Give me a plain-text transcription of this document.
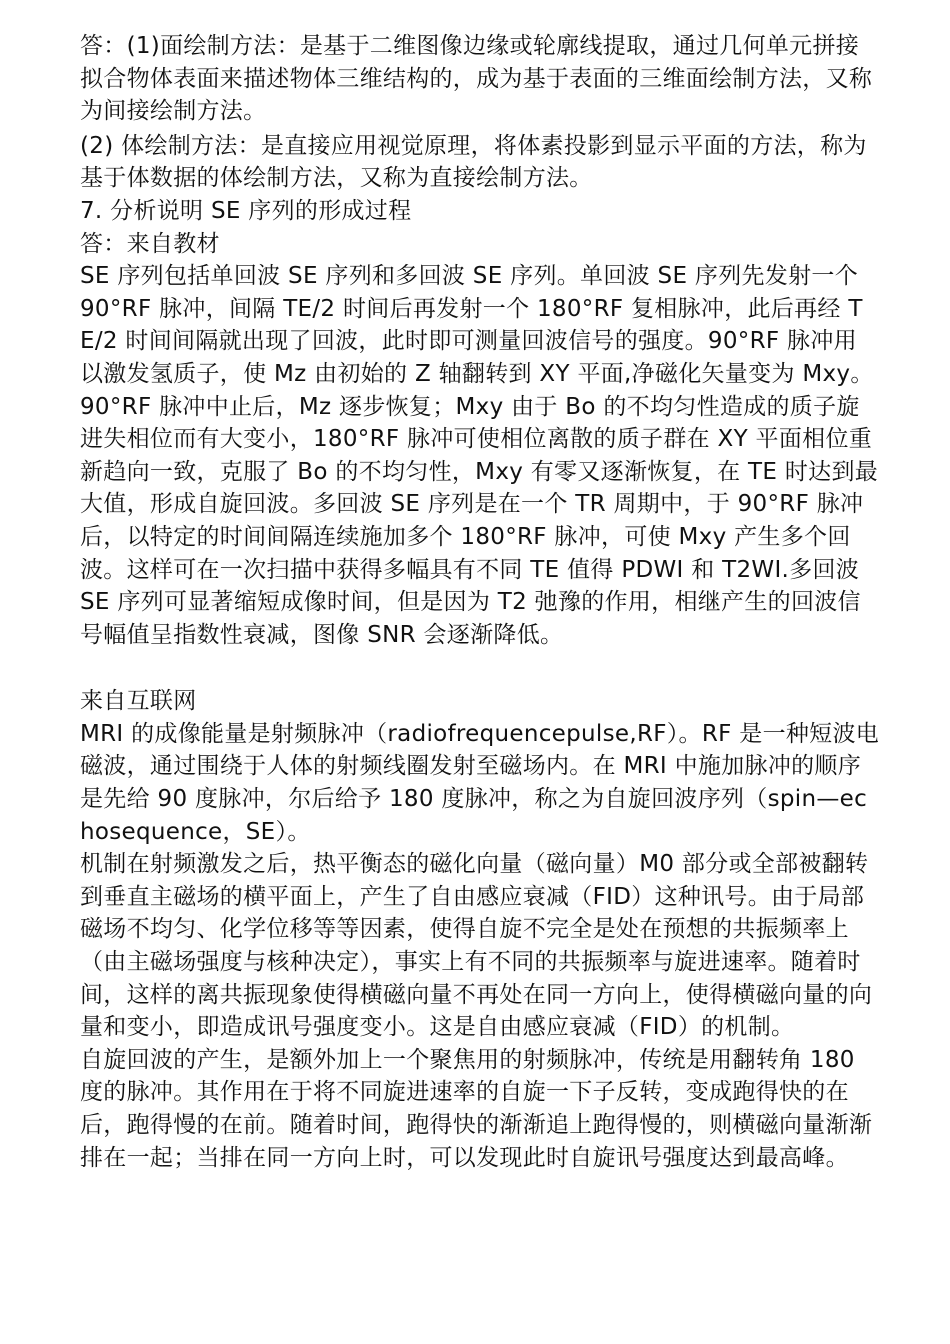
答：(1)面绘制方法：是基于二维图像边缘或轮廓线提取，通过几何单元拼接拟合物体表面来描述物体三维结构的，成为基于表面的三维面绘制方法，又称为间接绘制方法。

(2) 体绘制方法：是直接应用视觉原理，将体素投影到显示平面的方法，称为基于体数据的体绘制方法，又称为直接绘制方法。

7. 分析说明 SE 序列的形成过程

答：来自教材

SE 序列包括单回波 SE 序列和多回波 SE 序列。单回波 SE 序列先发射一个 90°RF 脉冲，间隔 TE/2 时间后再发射一个 180°RF 复相脉冲，此后再经 TE/2 时间间隔就出现了回波，此时即可测量回波信号的强度。90°RF 脉冲用以激发氢质子，使 Mz 由初始的 Z 轴翻转到 XY 平面,净磁化矢量变为 Mxy。90°RF 脉冲中止后，Mz 逐步恢复；Mxy 由于 Bo 的不均匀性造成的质子旋进失相位而有大变小，180°RF 脉冲可使相位离散的质子群在 XY 平面相位重新趋向一致，克服了 Bo 的不均匀性，Mxy 有零又逐渐恢复，在 TE 时达到最大值，形成自旋回波。多回波 SE 序列是在一个 TR 周期中，于 90°RF 脉冲后，以特定的时间间隔连续施加多个 180°RF 脉冲，可使 Mxy 产生多个回波。这样可在一次扫描中获得多幅具有不同 TE 值得 PDWI 和 T2WI.多回波 SE 序列可显著缩短成像时间，但是因为 T2 弛豫的作用，相继产生的回波信号幅值呈指数性衰减，图像 SNR 会逐渐降低。

来自互联网

MRI 的成像能量是射频脉冲（radiofrequencepulse,RF）。RF 是一种短波电磁波，通过围绕于人体的射频线圈发射至磁场内。在 MRI 中施加脉冲的顺序是先给 90 度脉冲，尔后给予 180 度脉冲，称之为自旋回波序列（spin—echosequence，SE）。

机制在射频激发之后，热平衡态的磁化向量（磁向量）M0 部分或全部被翻转到垂直主磁场的横平面上，产生了自由感应衰减（FID）这种讯号。由于局部磁场不均匀、化学位移等等因素，使得自旋不完全是处在预想的共振频率上（由主磁场强度与核种决定），事实上有不同的共振频率与旋进速率。随着时间，这样的离共振现象使得横磁向量不再处在同一方向上，使得横磁向量的向量和变小，即造成讯号强度变小。这是自由感应衰减（FID）的机制。

自旋回波的产生，是额外加上一个聚焦用的射频脉冲，传统是用翻转角 180 度的脉冲。其作用在于将不同旋进速率的自旋一下子反转，变成跑得快的在后，跑得慢的在前。随着时间，跑得快的渐渐追上跑得慢的，则横磁向量渐渐排在一起；当排在同一方向上时，可以发现此时自旋讯号强度达到最高峰。
